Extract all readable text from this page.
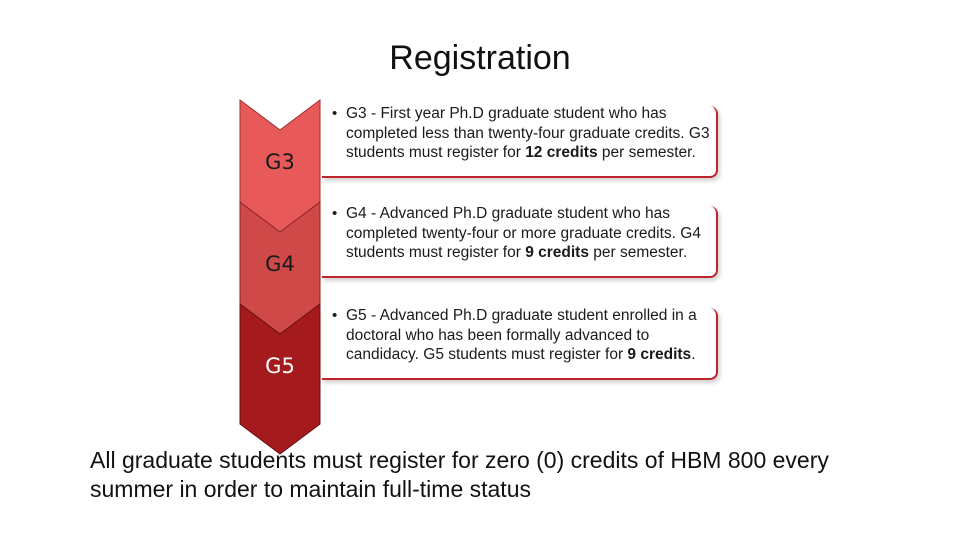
Registration
G3
G4
G5
• G3 - First year Ph.D graduate student who has completed less than twenty-four graduate credits. G3 students must register for 12 credits per semester.
• G4 - Advanced Ph.D graduate student who has completed twenty-four or more graduate credits. G4 students must register for 9 credits per semester.
• G5 - Advanced Ph.D graduate student enrolled in a doctoral who has been formally advanced to candidacy. G5 students must register for 9 credits.
All graduate students must register for zero (0) credits of HBM 800 every summer in order to maintain full-time status
